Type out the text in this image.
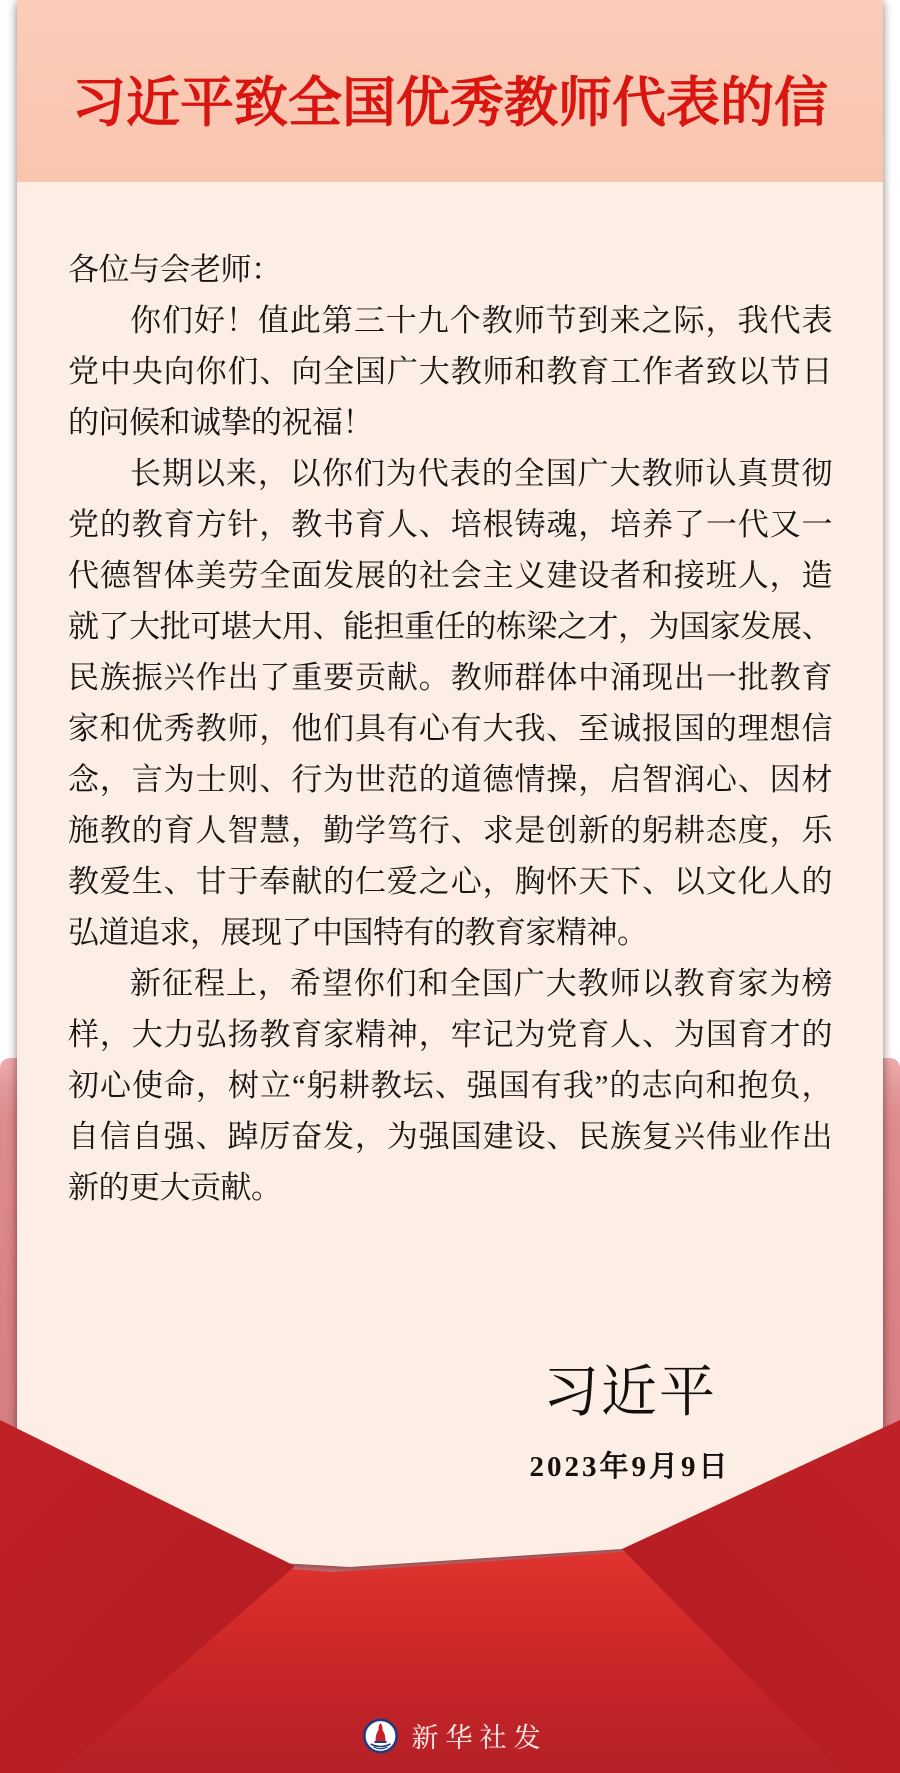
习近平致全国优秀教师代表的信
各位与会老师：
你们好！值此第三十九个教师节到来之际，我代表
党中央向你们、向全国广大教师和教育工作者致以节日
的问候和诚挚的祝福！
长期以来，以你们为代表的全国广大教师认真贯彻
党的教育方针，教书育人、培根铸魂，培养了一代又一
代德智体美劳全面发展的社会主义建设者和接班人，造
就了大批可堪大用、能担重任的栋梁之才，为国家发展、
民族振兴作出了重要贡献。教师群体中涌现出一批教育
家和优秀教师，他们具有心有大我、至诚报国的理想信
念，言为士则、行为世范的道德情操，启智润心、因材
施教的育人智慧，勤学笃行、求是创新的躬耕态度，乐
教爱生、甘于奉献的仁爱之心，胸怀天下、以文化人的
弘道追求，展现了中国特有的教育家精神。
新征程上，希望你们和全国广大教师以教育家为榜
样，大力弘扬教育家精神，牢记为党育人、为国育才的
初心使命，树立“躬耕教坛、强国有我”的志向和抱负，
自信自强、踔厉奋发，为强国建设、民族复兴伟业作出
新的更大贡献。
习近平
2023年9月9日
新华社发
